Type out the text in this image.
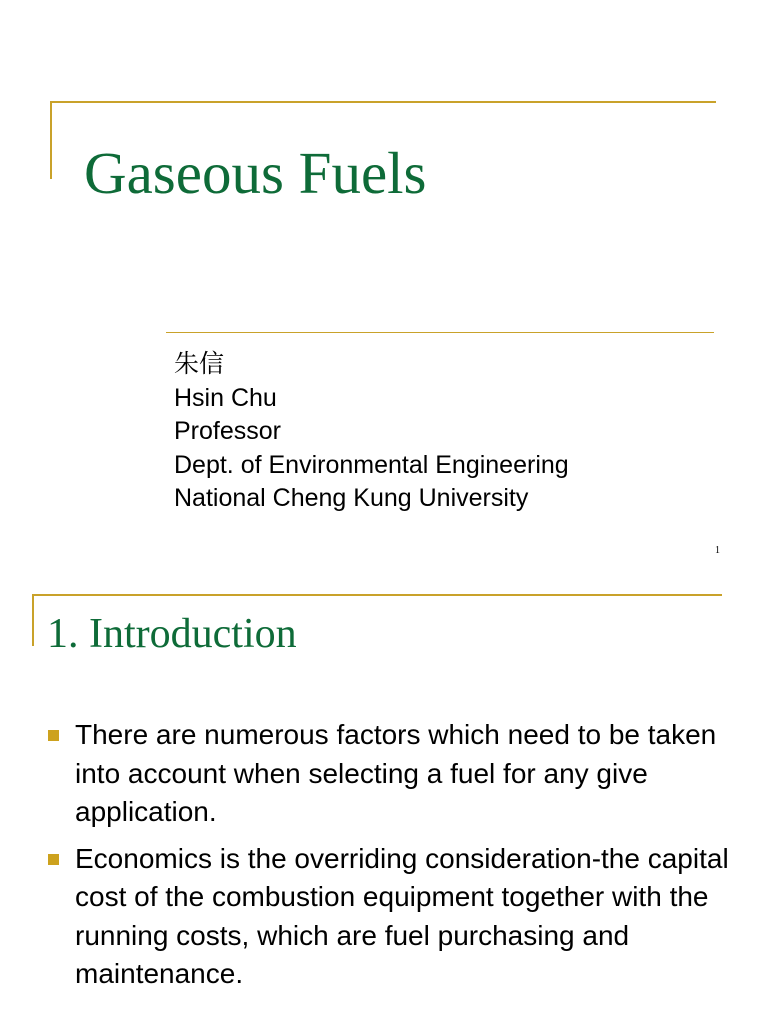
Gaseous Fuels
朱信
Hsin Chu
Professor
Dept. of Environmental Engineering
National Cheng Kung University
1
1. Introduction
There are numerous factors which need to be taken into account when selecting a fuel for any give application.
Economics is the overriding consideration-the capital cost of the combustion equipment together with the running costs, which are fuel purchasing and maintenance.
